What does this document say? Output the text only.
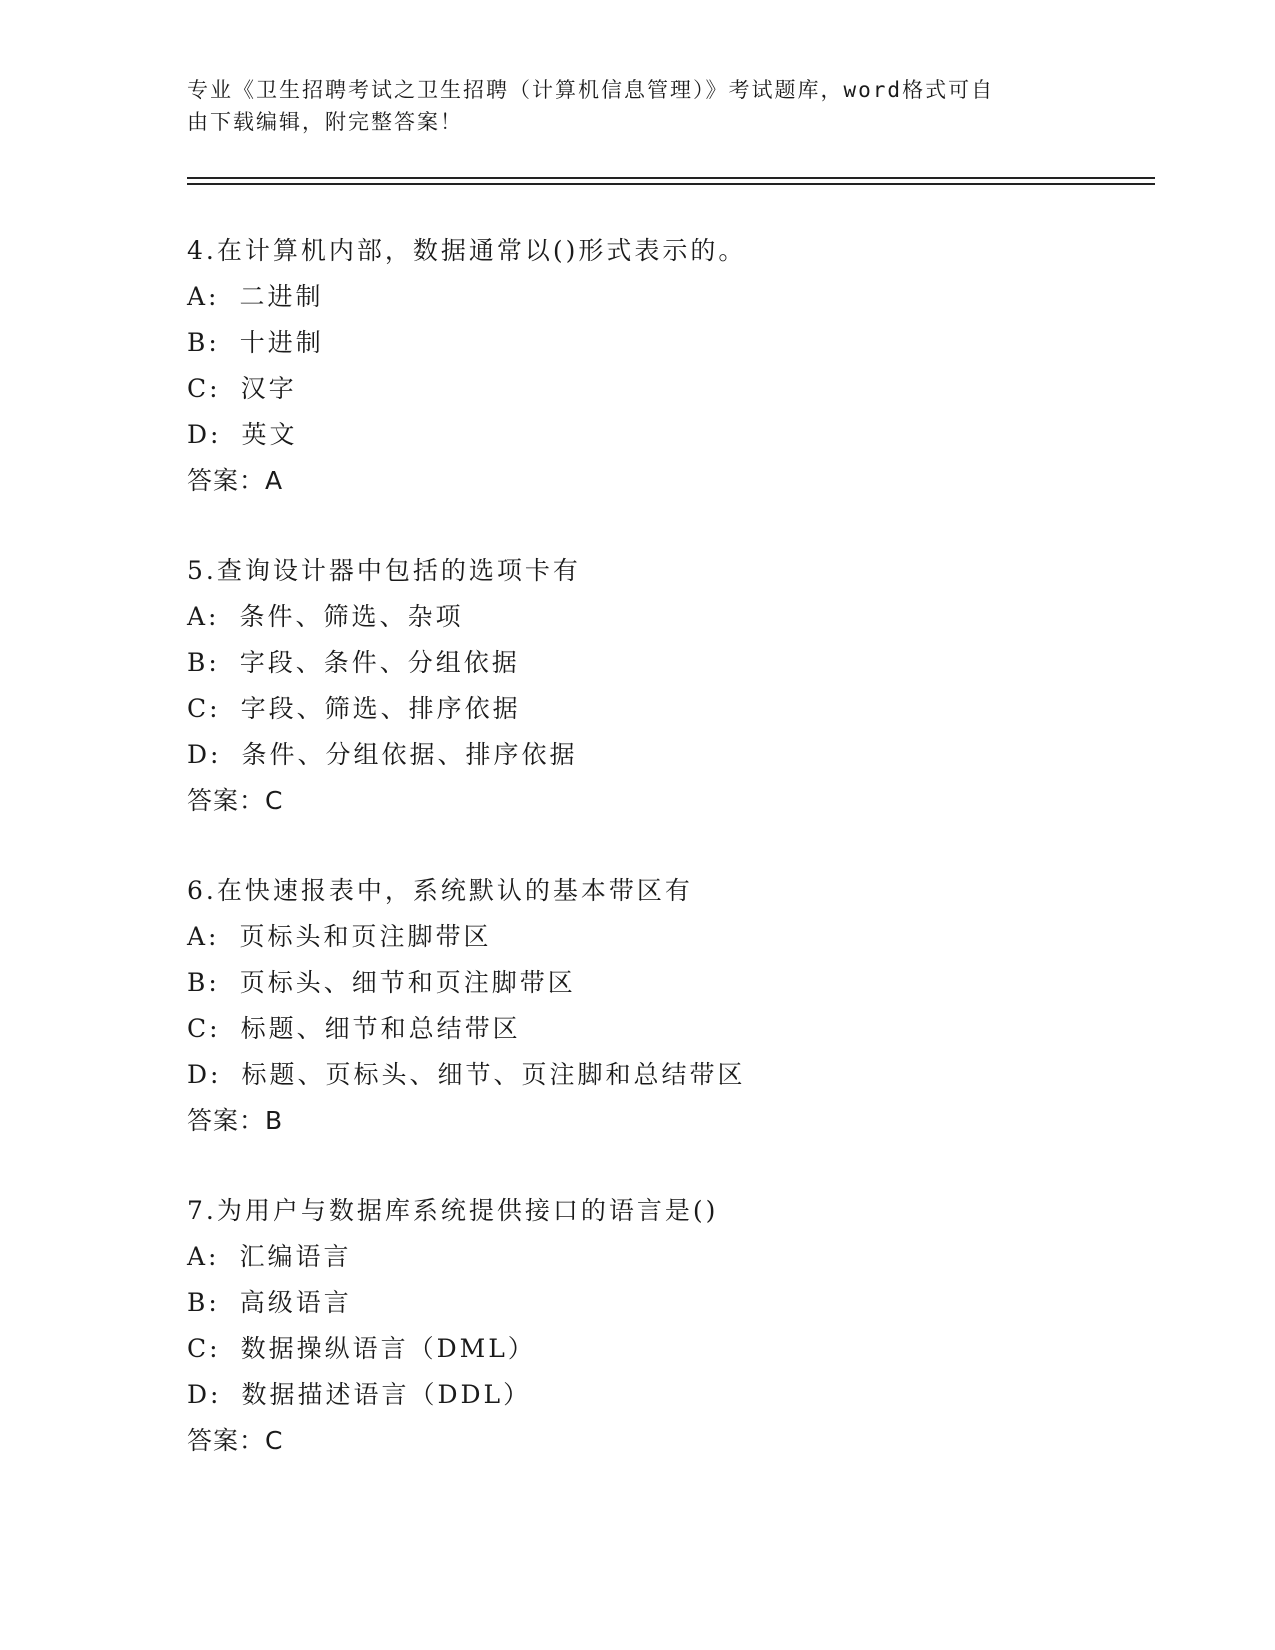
专业《卫生招聘考试之卫生招聘（计算机信息管理）》考试题库，word格式可自
由下载编辑，附完整答案！
4.在计算机内部，数据通常以()形式表示的。
A: 二进制
B: 十进制
C: 汉字
D: 英文
答案：A
5.查询设计器中包括的选项卡有
A: 条件、筛选、杂项
B: 字段、条件、分组依据
C: 字段、筛选、排序依据
D: 条件、分组依据、排序依据
答案：C
6.在快速报表中，系统默认的基本带区有
A: 页标头和页注脚带区
B: 页标头、细节和页注脚带区
C: 标题、细节和总结带区
D: 标题、页标头、细节、页注脚和总结带区
答案：B
7.为用户与数据库系统提供接口的语言是()
A: 汇编语言
B: 高级语言
C: 数据操纵语言（DML）
D: 数据描述语言（DDL）
答案：C
